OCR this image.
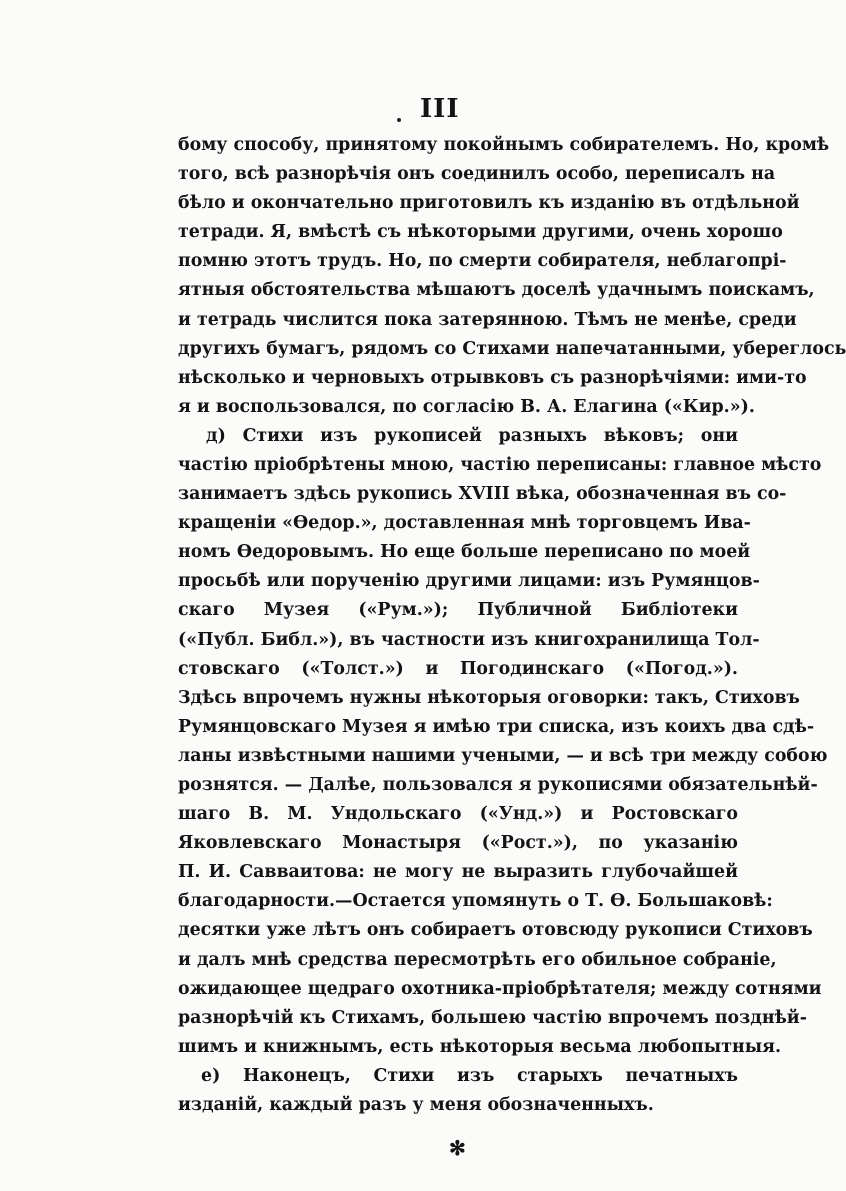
III
бому способу, принятому покойнымъ собирателемъ. Но, кромѣ
того, всѣ разнорѣчія онъ соединилъ особо, переписалъ на
бѣло и окончательно приготовилъ къ изданію въ отдѣльной
тетради. Я, вмѣстѣ съ нѣкоторыми другими, очень хорошо
помню этотъ трудъ. Но, по смерти собирателя, неблагопрі-
ятныя обстоятельства мѣшаютъ доселѣ удачнымъ поискамъ,
и тетрадь числится пока затерянною. Тѣмъ не менѣе, среди
другихъ бумагъ, рядомъ со Стихами напечатанными, уберeглось
нѣсколько и черновыхъ отрывковъ съ разнорѣчіями: ими-то
я и воспользовался, по согласію В. А. Елагина («Кир.»).
д) Стихи изъ рукописей разныхъ вѣковъ; они
частію пріобрѣтены мною, частію переписаны: главное мѣсто
занимаетъ здѣсь рукопись XVIII вѣка, обозначенная въ со-
кращеніи «Ѳедор.», доставленная мнѣ торговцемъ Ива-
номъ Ѳедоровымъ. Но еще больше переписано по моей
просьбѣ или порученію другими лицами: изъ Румянцов-
скаго Музея («Рум.»); Публичной Библіотеки
(«Публ. Библ.»), въ частности изъ книгохранилища Тол-
стовскаго («Толст.») и Погодинскаго («Погод.»).
Здѣсь впрочемъ нужны нѣкоторыя оговорки: такъ, Стиховъ
Румянцовскаго Музея я имѣю три списка, изъ коихъ два сдѣ-
ланы извѣстными нашими учеными, — и всѣ три между собою
рознятся. — Далѣе, пользовался я рукописями обязательнѣй-
шаго В. М. Ундольскаго («Унд.») и Ростовскаго
Яковлевскаго Монастыря («Рост.»), по указанію
П. И. Савваитова: не могу не выразить глубочайшей
благодарности.—Остается упомянуть о Т. Ѳ. Большаковѣ:
десятки уже лѣтъ онъ собираетъ отовсюду рукописи Стиховъ
и далъ мнѣ средства пересмотрѣть его обильное собраніе,
ожидающее щедраго охотника-пріобрѣтателя; между сотнями
разнорѣчій къ Стихамъ, большею частію впрочемъ позднѣй-
шимъ и книжнымъ, есть нѣкоторыя весьма любопытныя.
е) Наконецъ, Стихи изъ старыхъ печатныхъ
изданій, каждый разъ у меня обозначенныхъ.
✻
